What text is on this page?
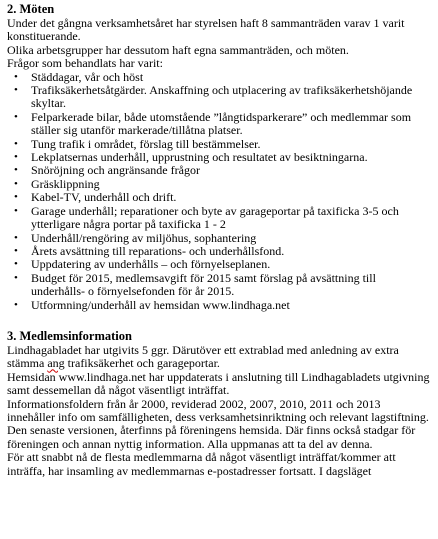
2. Möten

Under det gångna verksamhetsåret har styrelsen haft 8 sammanträden varav 1 varit konstituerande.

Olika arbetsgrupper har dessutom haft egna sammanträden, och möten.

Frågor som behandlats har varit:

• Städdagar, vår och höst
• Trafiksäkerhetsåtgärder. Anskaffning och utplacering av trafiksäkerhetshöjande skyltar.
• Felparkerade bilar, både utomstående ”långtidsparkerare” och medlemmar som ställer sig utanför markerade/tillåtna platser.
• Tung trafik i området, förslag till bestämmelser.
• Lekplatsernas underhåll, upprustning och resultatet av besiktningarna.
• Snöröjning och angränsande frågor
• Gräsklippning
• Kabel-TV, underhåll och drift.
• Garage underhåll; reparationer och byte av garageportar på taxificka 3-5 och ytterligare några portar på taxificka 1 - 2
• Underhåll/rengöring av miljöhus, sophantering
• Årets avsättning till reparations- och underhållsfond.
• Uppdatering av underhålls – och förnyelseplanen.
• Budget för 2015, medlemsavgift för 2015 samt förslag på avsättning till underhålls- o förnyelsefonden för år 2015.
• Utformning/underhåll av hemsidan www.lindhaga.net
3. Medlemsinformation

Lindhagabladet har utgivits 5 ggr. Därutöver ett extrablad med anledning av extra stämma ang trafiksäkerhet och garageportar.

Hemsidan www.lindhaga.net har uppdaterats i anslutning till Lindhagabladets utgivning samt dessemellan då något väsentligt inträffat.

Informationsfoldern från år 2000, reviderad 2002, 2007, 2010, 2011 och 2013 innehåller info om samfälligheten, dess verksamhetsinriktning och relevant lagstiftning. Den senaste versionen, återfinns på föreningens hemsida. Där finns också stadgar för föreningen och annan nyttig information. Alla uppmanas att ta del av denna.

För att snabbt nå de flesta medlemmarna då något väsentligt inträffat/kommer att inträffa, har insamling av medlemmarnas e-postadresser fortsatt. I dagsläget
